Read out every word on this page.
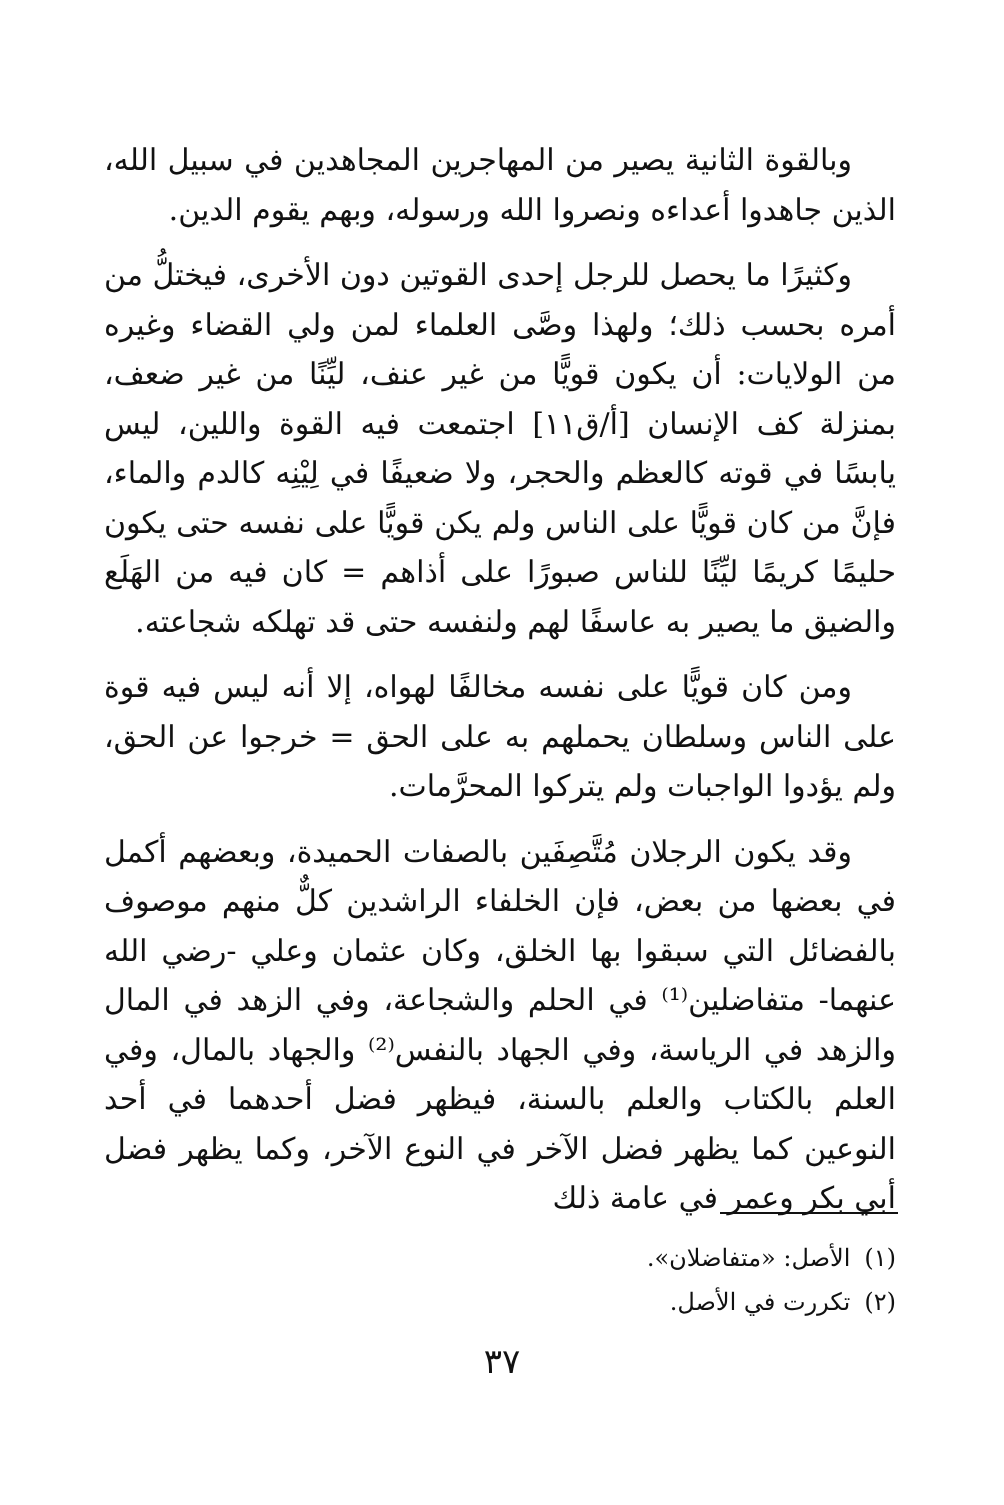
وبالقوة الثانية يصير من المهاجرين المجاهدين في سبيل الله، الذين جاهدوا أعداءه ونصروا الله ورسوله، وبهم يقوم الدين.

وكثيرًا ما يحصل للرجل إحدى القوتين دون الأخرى، فيختلُّ من أمره بحسب ذلك؛ ولهذا وصَّى العلماء لمن ولي القضاء وغيره من الولايات: أن يكون قويًّا من غير عنف، ليِّنًا من غير ضعف، بمنزلة كف الإنسان [أ/ق١١] اجتمعت فيه القوة واللين، ليس يابسًا في قوته كالعظم والحجر، ولا ضعيفًا في لِيْنِه كالدم والماء، فإنَّ من كان قويًّا على الناس ولم يكن قويًّا على نفسه حتى يكون حليمًا كريمًا ليِّنًا للناس صبورًا على أذاهم = كان فيه من الهَلَع والضيق ما يصير به عاسفًا لهم ولنفسه حتى قد تهلكه شجاعته.

ومن كان قويًّا على نفسه مخالفًا لهواه، إلا أنه ليس فيه قوة على الناس وسلطان يحملهم به على الحق = خرجوا عن الحق، ولم يؤدوا الواجبات ولم يتركوا المحرَّمات.

وقد يكون الرجلان مُتَّصِفَين بالصفات الحميدة، وبعضهم أكمل في بعضها من بعض، فإن الخلفاء الراشدين كلٌّ منهم موصوف بالفضائل التي سبقوا بها الخلق، وكان عثمان وعلي -رضي الله عنهما- متفاضلين⁽¹⁾ في الحلم والشجاعة، وفي الزهد في المال والزهد في الرياسة، وفي الجهاد بالنفس⁽²⁾ والجهاد بالمال، وفي العلم بالكتاب والعلم بالسنة، فيظهر فضل أحدهما في أحد النوعين كما يظهر فضل الآخر في النوع الآخر، وكما يظهر فضل أبي بكر وعمر في عامة ذلك

(١) الأصل: «متفاضلان».
(٢) تكررت في الأصل.
٣٧
